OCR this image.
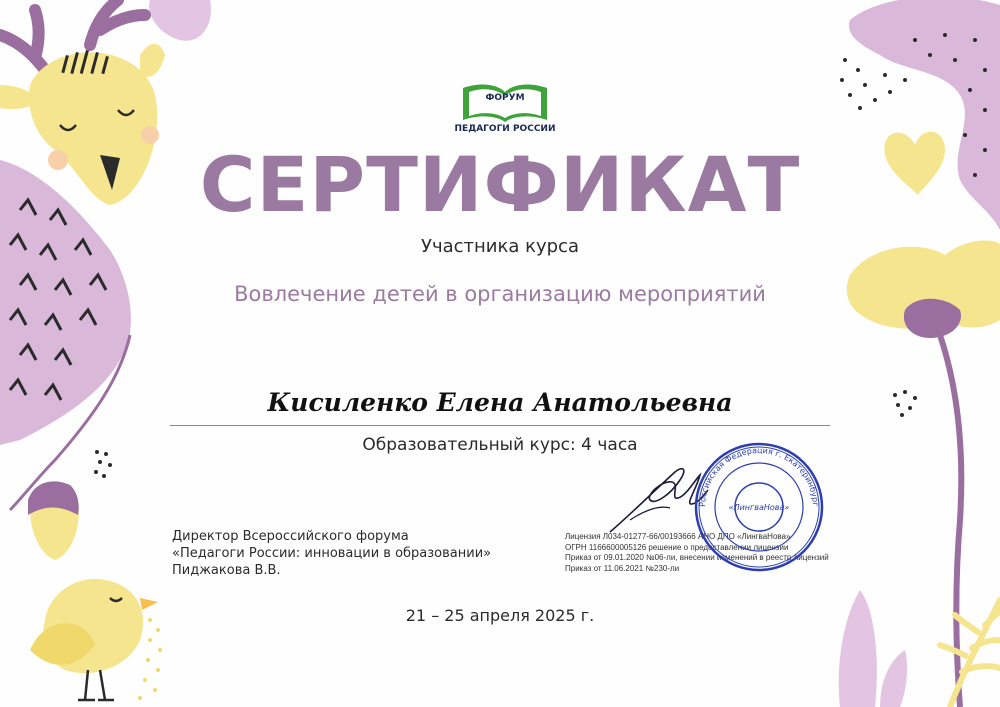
ФОРУМ
ПЕДАГОГИ РОССИИ
СЕРТИФИКАТ
Участника курса
Вовлечение детей в организацию мероприятий
Кисиленко Елена Анатольевна
Образовательный курс: 4 часа
Директор Всероссийского форума
«Педагоги России: инновации в образовании»
Пиджакова В.В.
Лицензия Л034-01277-66/00193666 АНО ДПО «ЛингваНова»
ОГРН 1166600005126 решение о предоставлении лицензии
Приказ от 09.01.2020 №06-ли, внесении изменений в реестр лицензий
Приказ от 11.06.2021 №230-ли
Российская Федерация г. Екатеринбург
«ЛингваНова»
21 – 25 апреля 2025 г.
